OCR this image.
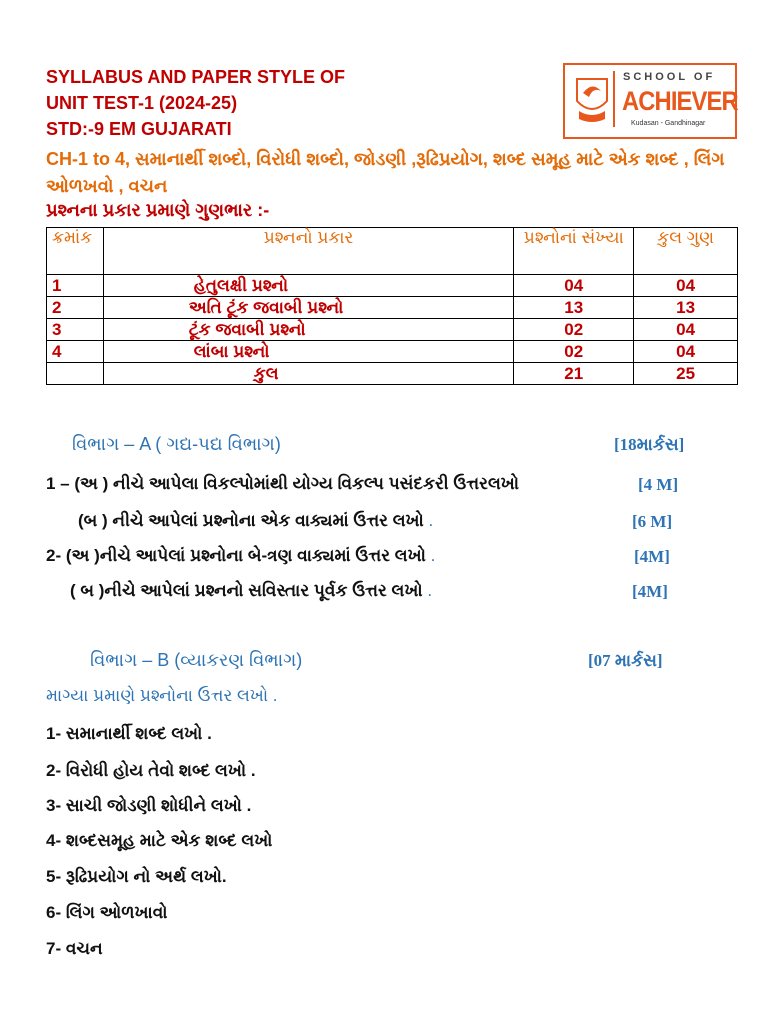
SYLLABUS AND PAPER STYLE OF
UNIT TEST-1 (2024-25)
STD:-9 EM GUJARATI
SCHOOL OF
ACHIEVER
Kudasan - Gandhinagar
CH-1 to 4, સમાનાર્થી શબ્દો, વિરોધી શબ્દો, જોડણી ,રૂઢિપ્રયોગ, શબ્દ સમૂહ માટે એક શબ્દ , લિંગ ઓળખવો , વચન
પ્રશ્નના પ્રકાર પ્રમાણે ગુણભાર :-
ક્રમાંક	પ્રશ્નનો પ્રકાર	પ્રશ્નોનાં સંખ્યા	કુલ ગુણ
1	હેતુલક્ષી પ્રશ્નો	04	04
2	અતિ ટૂંક જવાબી પ્રશ્નો	13	13
3	ટૂંક જવાબી પ્રશ્નો	02	04
4	લાંબા પ્રશ્નો	02	04
	કુલ	21	25
વિભાગ – A ( ગદ્ય-પદ્ય વિભાગ)	[18માર્કસ]
1 – (અ ) નીચે આપેલા વિકલ્પોમાંથી યોગ્ય વિકલ્પ પસંદકરી ઉત્તરલખો	[4 M]
(બ ) નીચે આપેલાં પ્રશ્નોના એક વાક્યમાં ઉત્તર લખો .	[6 M]
2- (અ )નીચે આપેલાં પ્રશ્નોના બે-ત્રણ વાક્યમાં ઉત્તર લખો .	[4M]
( બ )નીચે આપેલાં પ્રશ્નનો સવિસ્તાર પૂર્વક ઉત્તર લખો .	[4M]
વિભાગ – B (વ્યાકરણ વિભાગ)	[07 માર્કસ]
માગ્યા પ્રમાણે પ્રશ્નોના ઉત્તર લખો .
1- સમાનાર્થી શબ્દ લખો .
2- વિરોધી હોય તેવો શબ્દ લખો .
3- સાચી જોડણી શોધીને લખો .
4- શબ્દસમૂહ માટે એક શબ્દ લખો
5- રૂઢિપ્રયોગ નો અર્થ લખો.
6- લિંગ ઓળખાવો
7- વચન
